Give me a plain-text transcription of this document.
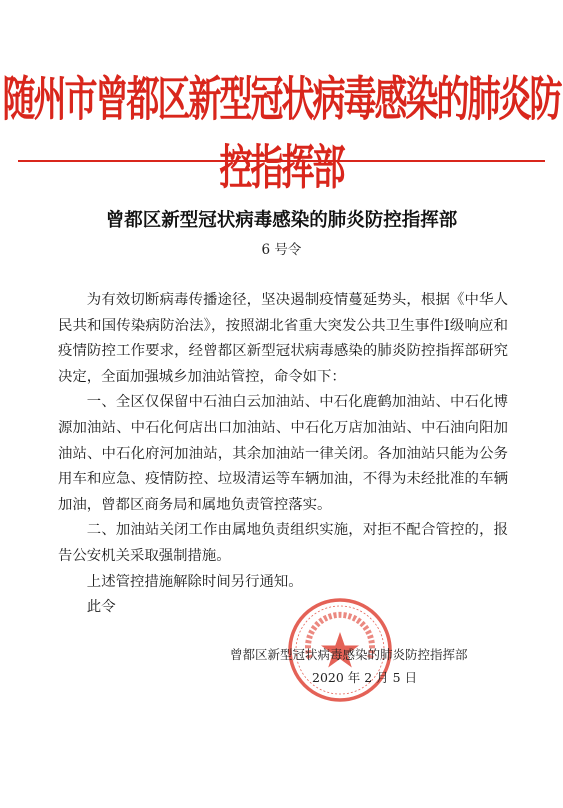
随州市曾都区新型冠状病毒感染的肺炎防控指挥部
曾都区新型冠状病毒感染的肺炎防控指挥部
6 号令

为有效切断病毒传播途径，坚决遏制疫情蔓延势头，根据《中华人民共和国传染病防治法》，按照湖北省重大突发公共卫生事件Ⅰ级响应和疫情防控工作要求，经曾都区新型冠状病毒感染的肺炎防控指挥部研究决定，全面加强城乡加油站管控，命令如下：

一、全区仅保留中石油白云加油站、中石化鹿鹤加油站、中石化博源加油站、中石化何店出口加油站、中石化万店加油站、中石油向阳加油站、中石化府河加油站，其余加油站一律关闭。各加油站只能为公务用车和应急、疫情防控、垃圾清运等车辆加油，不得为未经批准的车辆加油，曾都区商务局和属地负责管控落实。

二、加油站关闭工作由属地负责组织实施，对拒不配合管控的，报告公安机关采取强制措施。

上述管控措施解除时间另行通知。

此令

曾都区新型冠状病毒感染的肺炎防控指挥部
2020 年 2 月 5 日
